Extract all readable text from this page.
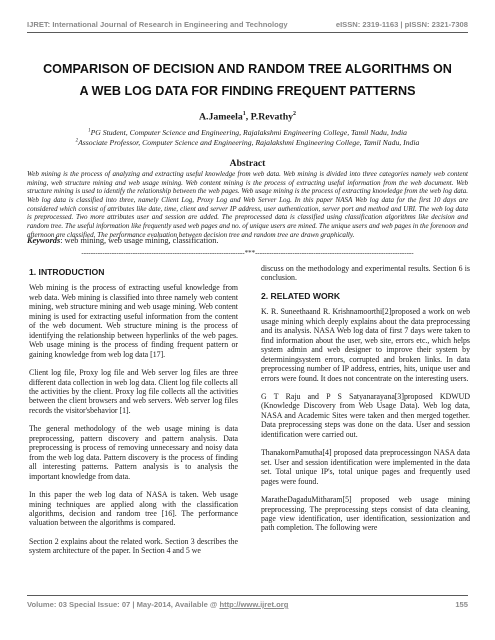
IJRET: International Journal of Research in Engineering and Technology	eISSN: 2319-1163 | pISSN: 2321-7308
COMPARISON OF DECISION AND RANDOM TREE ALGORITHMS ON
A WEB LOG DATA FOR FINDING FREQUENT PATTERNS
A.Jameela$^1$, P.Revathy$^2$
$^1$PG Student, Computer Science and Engineering, Rajalakshmi Engineering College, Tamil Nadu, India
$^2$Associate Professor, Computer Science and Engineering, Rajalakshmi Engineering College, Tamil Nadu, India
Abstract
Web mining is the process of analyzing and extracting useful knowledge from web data. Web mining is divided into three categories namely web content mining, web structure mining and web usage mining. Web content mining is the process of extracting useful information from the web document. Web structure mining is used to identify the relationship between the web pages. Web usage mining is the process of extracting knowledge from the web log data. Web log data is classified into three, namely Client Log, Proxy Log and Web Server Log. In this paper NASA Web log data for the first 10 days are considered which consist of attributes like date, time, client and server IP address, user authentication, server port and method and URI. The web log data is preprocessed. Two more attributes user and session are added. The preprocessed data is classified using classification algorithms like decision and random tree. The useful information like frequently used web pages and no. of unique users are mined. The unique users and web pages in the forenoon and afternoon are classified. The performance evaluation between decision tree and random tree are drawn graphically.
Keywords: web mining, web usage mining, classification.
----------------------------------------------------------------------***--------------------------------------------------------------------
1. INTRODUCTION

Web mining is the process of extracting useful knowledge from web data. Web mining is classified into three namely web content mining, web structure mining and web usage mining. Web content mining is used for extracting useful information from the content of the web document. Web structure mining is the process of identifying the relationship between hyperlinks of the web pages. Web usage mining is the process of finding frequent pattern or gaining knowledge from web log data [17].

Client log file, Proxy log file and Web server log files are three different data collection in web log data. Client log file collects all the activities by the client. Proxy log file collects all the activities between the client browsers and web servers. Web server log files records the visitor'sbehavior [1].

The general methodology of the web usage mining is data preprocessing, pattern discovery and pattern analysis. Data preprocessing is process of removing unnecessary and noisy data from the web log data. Pattern discovery is the process of finding all interesting patterns. Pattern analysis is to analysis the important knowledge from data.

In this paper the web log data of NASA is taken. Web usage mining techniques are applied along with the classification algorithms, decision and random tree [16]. The performance valuation between the algorithms is compared.

Section 2 explains about the related work. Section 3 describes the system architecture of the paper. In Section 4 and 5 we

discuss on the methodology and experimental results. Section 6 is conclusion.

2. RELATED WORK

K. R. Suneethaand R. Krishnamoorthi[2]proposed a work on web usage mining which deeply explains about the data preprocessing and its analysis. NASA Web log data of first 7 days were taken to find information about the user, web site, errors etc., which helps system admin and web designer to improve their system by determiningsystem errors, corrupted and broken links. In data preprocessing number of IP address, entries, hits, unique user and errors were found. It does not concentrate on the interesting users.

G T Raju and P S Satyanarayana[3]proposed KDWUD (Knowledge Discovery from Web Usage Data). Web log data, NASA and Academic Sites were taken and then merged together. Data preprocessing steps was done on the data. User and session identification were carried out.

ThanakornPamutha[4] proposed data preprocessingon NASA data set. User and session identification were implemented in the data set. Total unique IP's, total unique pages and frequently used pages were found.

MaratheDagaduMitharam[5] proposed web usage mining preprocessing. The preprocessing steps consist of data cleaning, page view identification, user identification, sessionization and path completion. The following were

Volume: 03 Special Issue: 07 | May-2014, Available @ http://www.ijret.org	155
